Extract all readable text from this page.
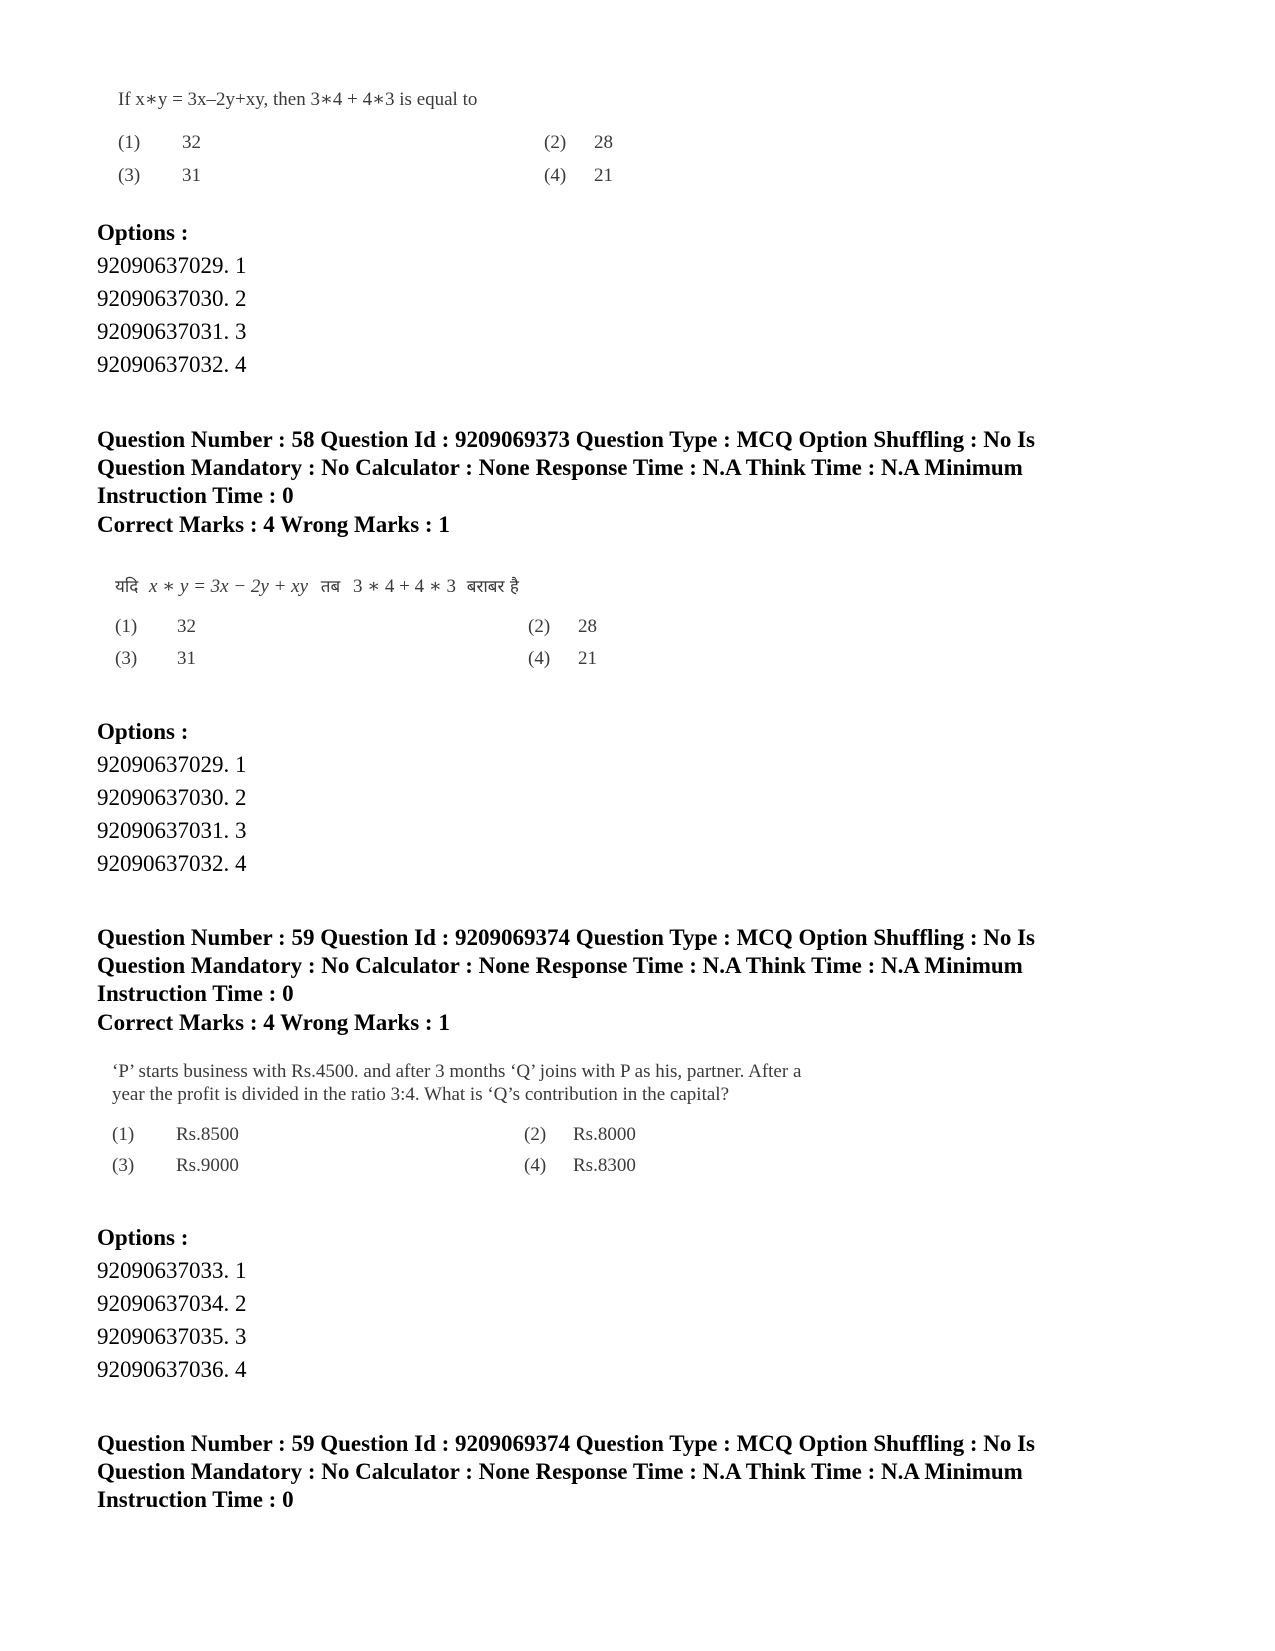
If x∗y = 3x–2y+xy, then 3∗4 + 4∗3 is equal to
(1) 32	(2) 28
(3) 31	(4) 21
Options :
92090637029. 1
92090637030. 2
92090637031. 3
92090637032. 4
Question Number : 58 Question Id : 9209069373 Question Type : MCQ Option Shuffling : No Is
Question Mandatory : No Calculator : None Response Time : N.A Think Time : N.A Minimum
Instruction Time : 0
Correct Marks : 4 Wrong Marks : 1
यदि x ∗ y = 3x − 2y + xy तब 3 ∗ 4 + 4 ∗ 3 बराबर है
(1) 32	(2) 28
(3) 31	(4) 21
Options :
92090637029. 1
92090637030. 2
92090637031. 3
92090637032. 4
Question Number : 59 Question Id : 9209069374 Question Type : MCQ Option Shuffling : No Is
Question Mandatory : No Calculator : None Response Time : N.A Think Time : N.A Minimum
Instruction Time : 0
Correct Marks : 4 Wrong Marks : 1
‘P’ starts business with Rs.4500. and after 3 months ‘Q’ joins with P as his, partner. After a
year the profit is divided in the ratio 3:4. What is ‘Q’s contribution in the capital?
(1) Rs.8500	(2) Rs.8000
(3) Rs.9000	(4) Rs.8300
Options :
92090637033. 1
92090637034. 2
92090637035. 3
92090637036. 4
Question Number : 59 Question Id : 9209069374 Question Type : MCQ Option Shuffling : No Is
Question Mandatory : No Calculator : None Response Time : N.A Think Time : N.A Minimum
Instruction Time : 0
